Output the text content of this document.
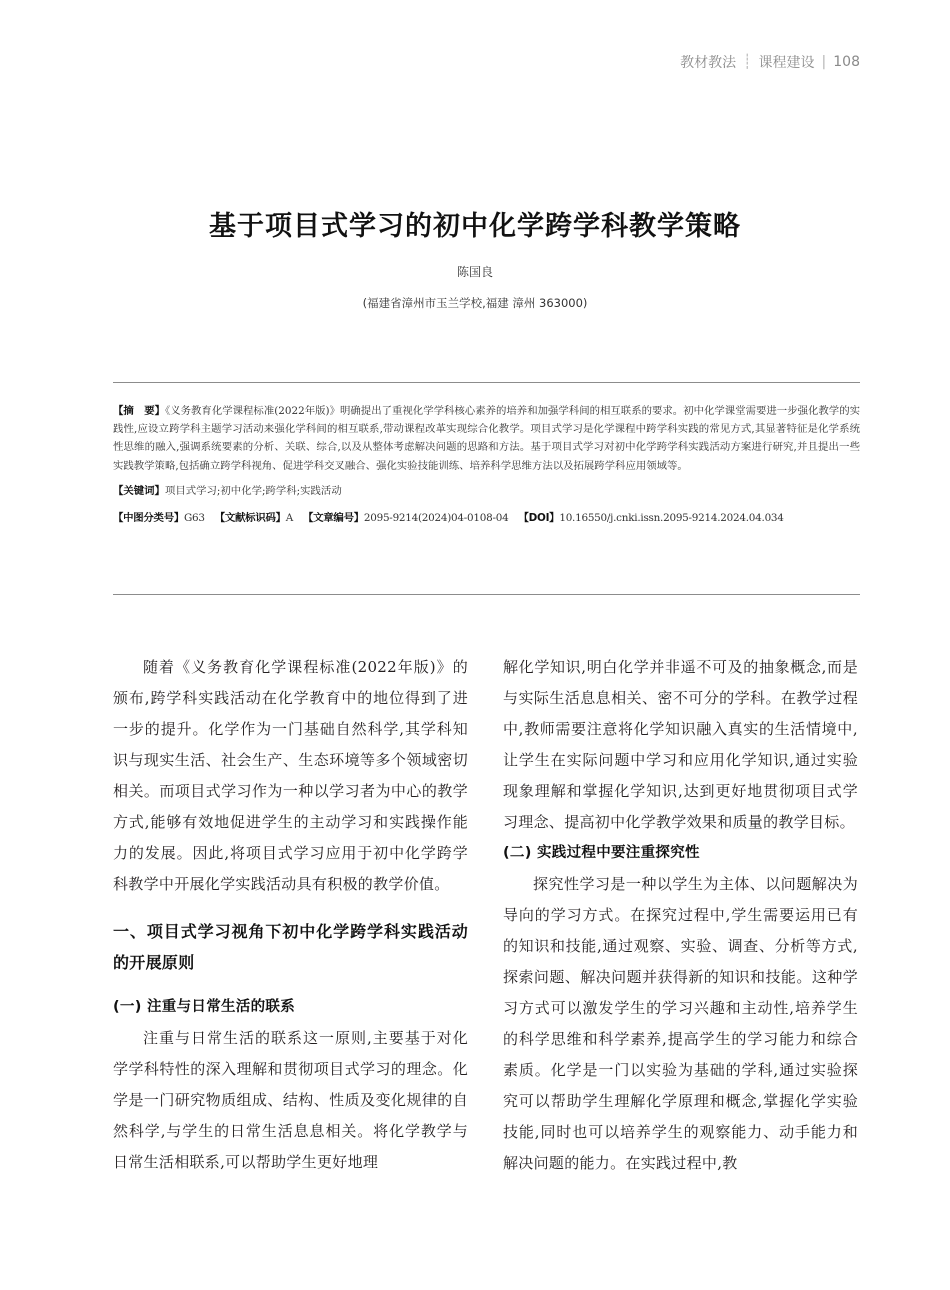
教材教法 ┊ 课程建设 | 108
基于项目式学习的初中化学跨学科教学策略
陈国良
(福建省漳州市玉兰学校,福建 漳州 363000)

【摘　要】《义务教育化学课程标准(2022年版)》明确提出了重视化学学科核心素养的培养和加强学科间的相互联系的要求。初中化学课堂需要进一步强化教学的实践性,应设立跨学科主题学习活动来强化学科间的相互联系,带动课程改革实现综合化教学。项目式学习是化学课程中跨学科实践的常见方式,其显著特征是化学系统性思维的融入,强调系统要素的分析、关联、综合,以及从整体考虑解决问题的思路和方法。基于项目式学习对初中化学跨学科实践活动方案进行研究,并且提出一些实践教学策略,包括确立跨学科视角、促进学科交叉融合、强化实验技能训练、培养科学思维方法以及拓展跨学科应用领域等。

【关键词】项目式学习;初中化学;跨学科;实践活动

【中图分类号】G63 【文献标识码】A 【文章编号】2095-9214(2024)04-0108-04 【DOI】10.16550/j.cnki.issn.2095-9214.2024.04.034

随着《义务教育化学课程标准(2022年版)》的颁布,跨学科实践活动在化学教育中的地位得到了进一步的提升。化学作为一门基础自然科学,其学科知识与现实生活、社会生产、生态环境等多个领域密切相关。而项目式学习作为一种以学习者为中心的教学方式,能够有效地促进学生的主动学习和实践操作能力的发展。因此,将项目式学习应用于初中化学跨学科教学中开展化学实践活动具有积极的教学价值。

一、项目式学习视角下初中化学跨学科实践活动的开展原则
(一) 注重与日常生活的联系

注重与日常生活的联系这一原则,主要基于对化学学科特性的深入理解和贯彻项目式学习的理念。化学是一门研究物质组成、结构、性质及变化规律的自然科学,与学生的日常生活息息相关。将化学教学与日常生活相联系,可以帮助学生更好地理

解化学知识,明白化学并非遥不可及的抽象概念,而是与实际生活息息相关、密不可分的学科。在教学过程中,教师需要注意将化学知识融入真实的生活情境中,让学生在实际问题中学习和应用化学知识,通过实验现象理解和掌握化学知识,达到更好地贯彻项目式学习理念、提高初中化学教学效果和质量的教学目标。

(二) 实践过程中要注重探究性

探究性学习是一种以学生为主体、以问题解决为导向的学习方式。在探究过程中,学生需要运用已有的知识和技能,通过观察、实验、调查、分析等方式,探索问题、解决问题并获得新的知识和技能。这种学习方式可以激发学生的学习兴趣和主动性,培养学生的科学思维和科学素养,提高学生的学习能力和综合素质。化学是一门以实验为基础的学科,通过实验探究可以帮助学生理解化学原理和概念,掌握化学实验技能,同时也可以培养学生的观察能力、动手能力和解决问题的能力。在实践过程中,教
